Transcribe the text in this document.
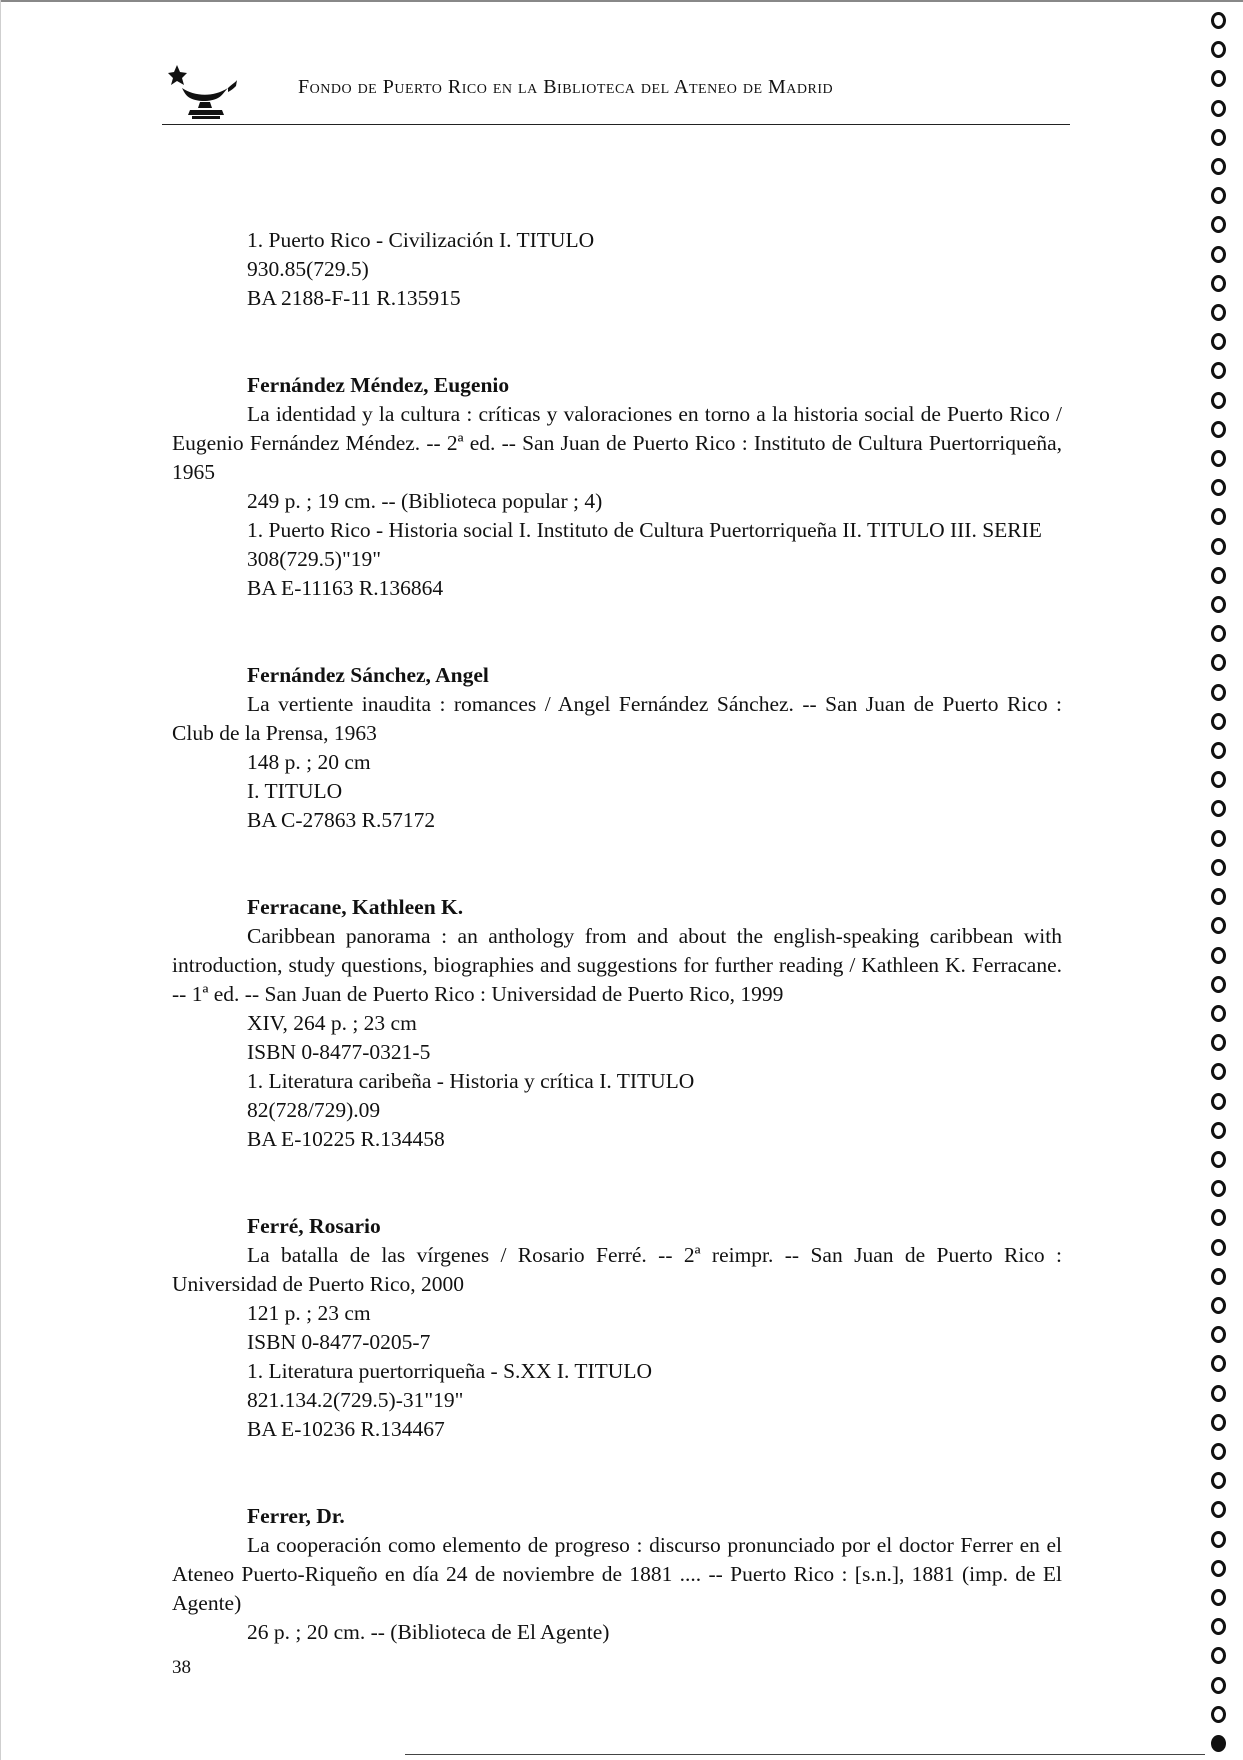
Fondo de Puerto Rico en la Biblioteca del Ateneo de Madrid
1. Puerto Rico - Civilización I. TITULO
930.85(729.5)
BA 2188-F-11 R.135915
Fernández Méndez, Eugenio
La identidad y la cultura : críticas y valoraciones en torno a la historia social de Puerto Rico / Eugenio Fernández Méndez. -- 2ª ed. -- San Juan de Puerto Rico : Instituto de Cultura Puertorriqueña, 1965
249 p. ; 19 cm. -- (Biblioteca popular ; 4)
1. Puerto Rico - Historia social I. Instituto de Cultura Puertorriqueña II. TITULO III. SERIE
308(729.5)"19"
BA E-11163 R.136864
Fernández Sánchez, Angel
La vertiente inaudita : romances / Angel Fernández Sánchez. -- San Juan de Puerto Rico : Club de la Prensa, 1963
148 p. ; 20 cm
I. TITULO
BA C-27863 R.57172
Ferracane, Kathleen K.
Caribbean panorama : an anthology from and about the english-speaking caribbean with introduction, study questions, biographies and suggestions for further reading / Kathleen K. Ferracane. -- 1ª ed. -- San Juan de Puerto Rico : Universidad de Puerto Rico, 1999
XIV, 264 p. ; 23 cm
ISBN 0-8477-0321-5
1. Literatura caribeña - Historia y crítica I. TITULO
82(728/729).09
BA E-10225 R.134458
Ferré, Rosario
La batalla de las vírgenes / Rosario Ferré. -- 2ª reimpr. -- San Juan de Puerto Rico : Universidad de Puerto Rico, 2000
121 p. ; 23 cm
ISBN 0-8477-0205-7
1. Literatura puertorriqueña - S.XX I. TITULO
821.134.2(729.5)-31"19"
BA E-10236 R.134467
Ferrer, Dr.
La cooperación como elemento de progreso : discurso pronunciado por el doctor Ferrer en el Ateneo Puerto-Riqueño en día 24 de noviembre de 1881 .... -- Puerto Rico : [s.n.], 1881 (imp. de El Agente)
26 p. ; 20 cm. -- (Biblioteca de El Agente)
38
